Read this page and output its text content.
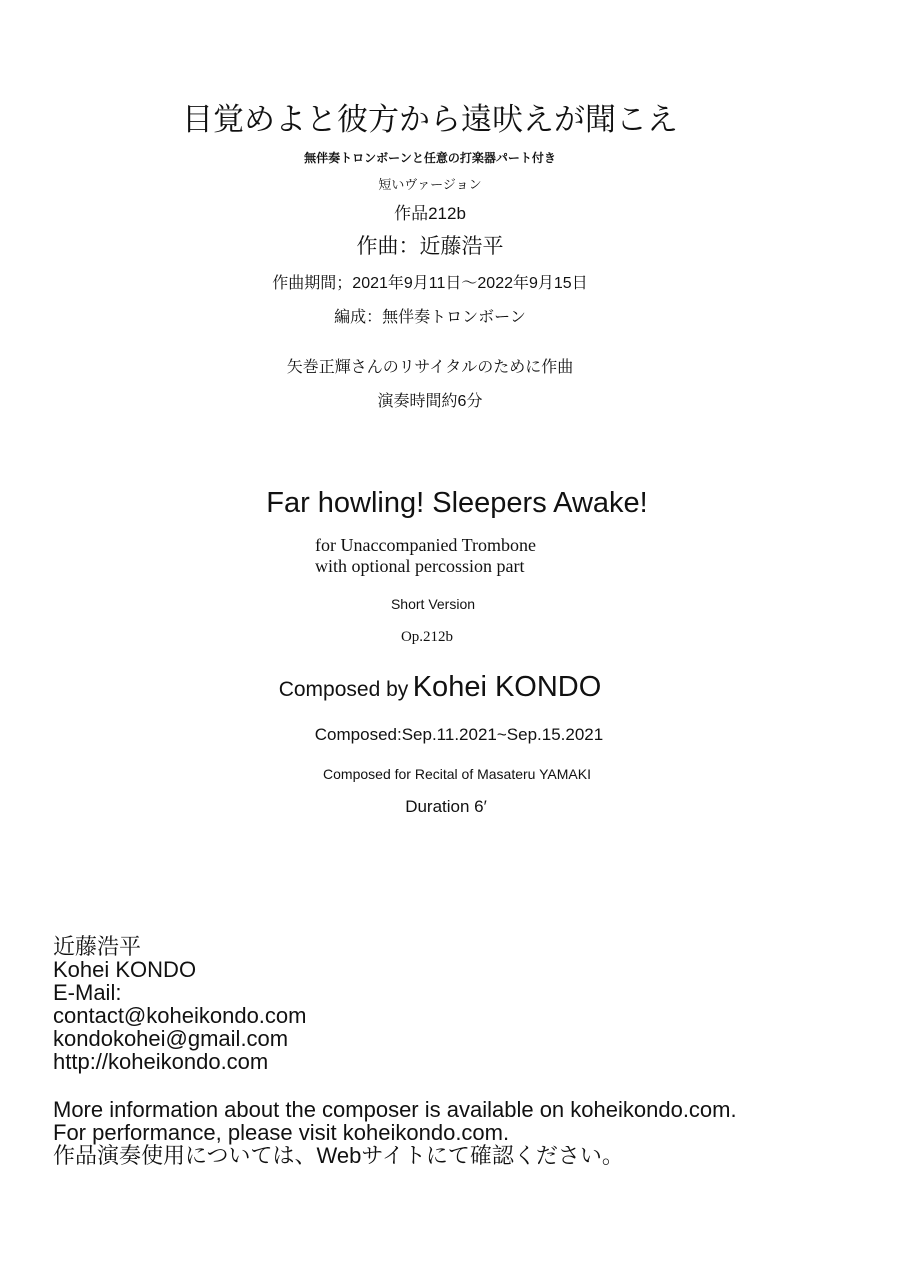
目覚めよと彼方から遠吠えが聞こえ
無伴奏トロンボーンと任意の打楽器パート付き
短いヴァージョン
作品212b
作曲：近藤浩平
作曲期間；2021年9月11日〜2022年9月15日
編成：無伴奏トロンボーン
矢巻正輝さんのリサイタルのために作曲
演奏時間約6分
Far howling! Sleepers Awake!
for Unaccompanied Trombone
with optional percossion part
Short Version
Op.212b
Composed by Kohei KONDO
Composed:Sep.11.2021~Sep.15.2021
Composed for Recital of Masateru YAMAKI
Duration 6′
近藤浩平
Kohei KONDO
E-Mail:
contact@koheikondo.com
kondokohei@gmail.com
http://koheikondo.com
More information about the composer is available on koheikondo.com.
For performance, please visit koheikondo.com.
作品演奏使用については、Webサイトにて確認ください。
